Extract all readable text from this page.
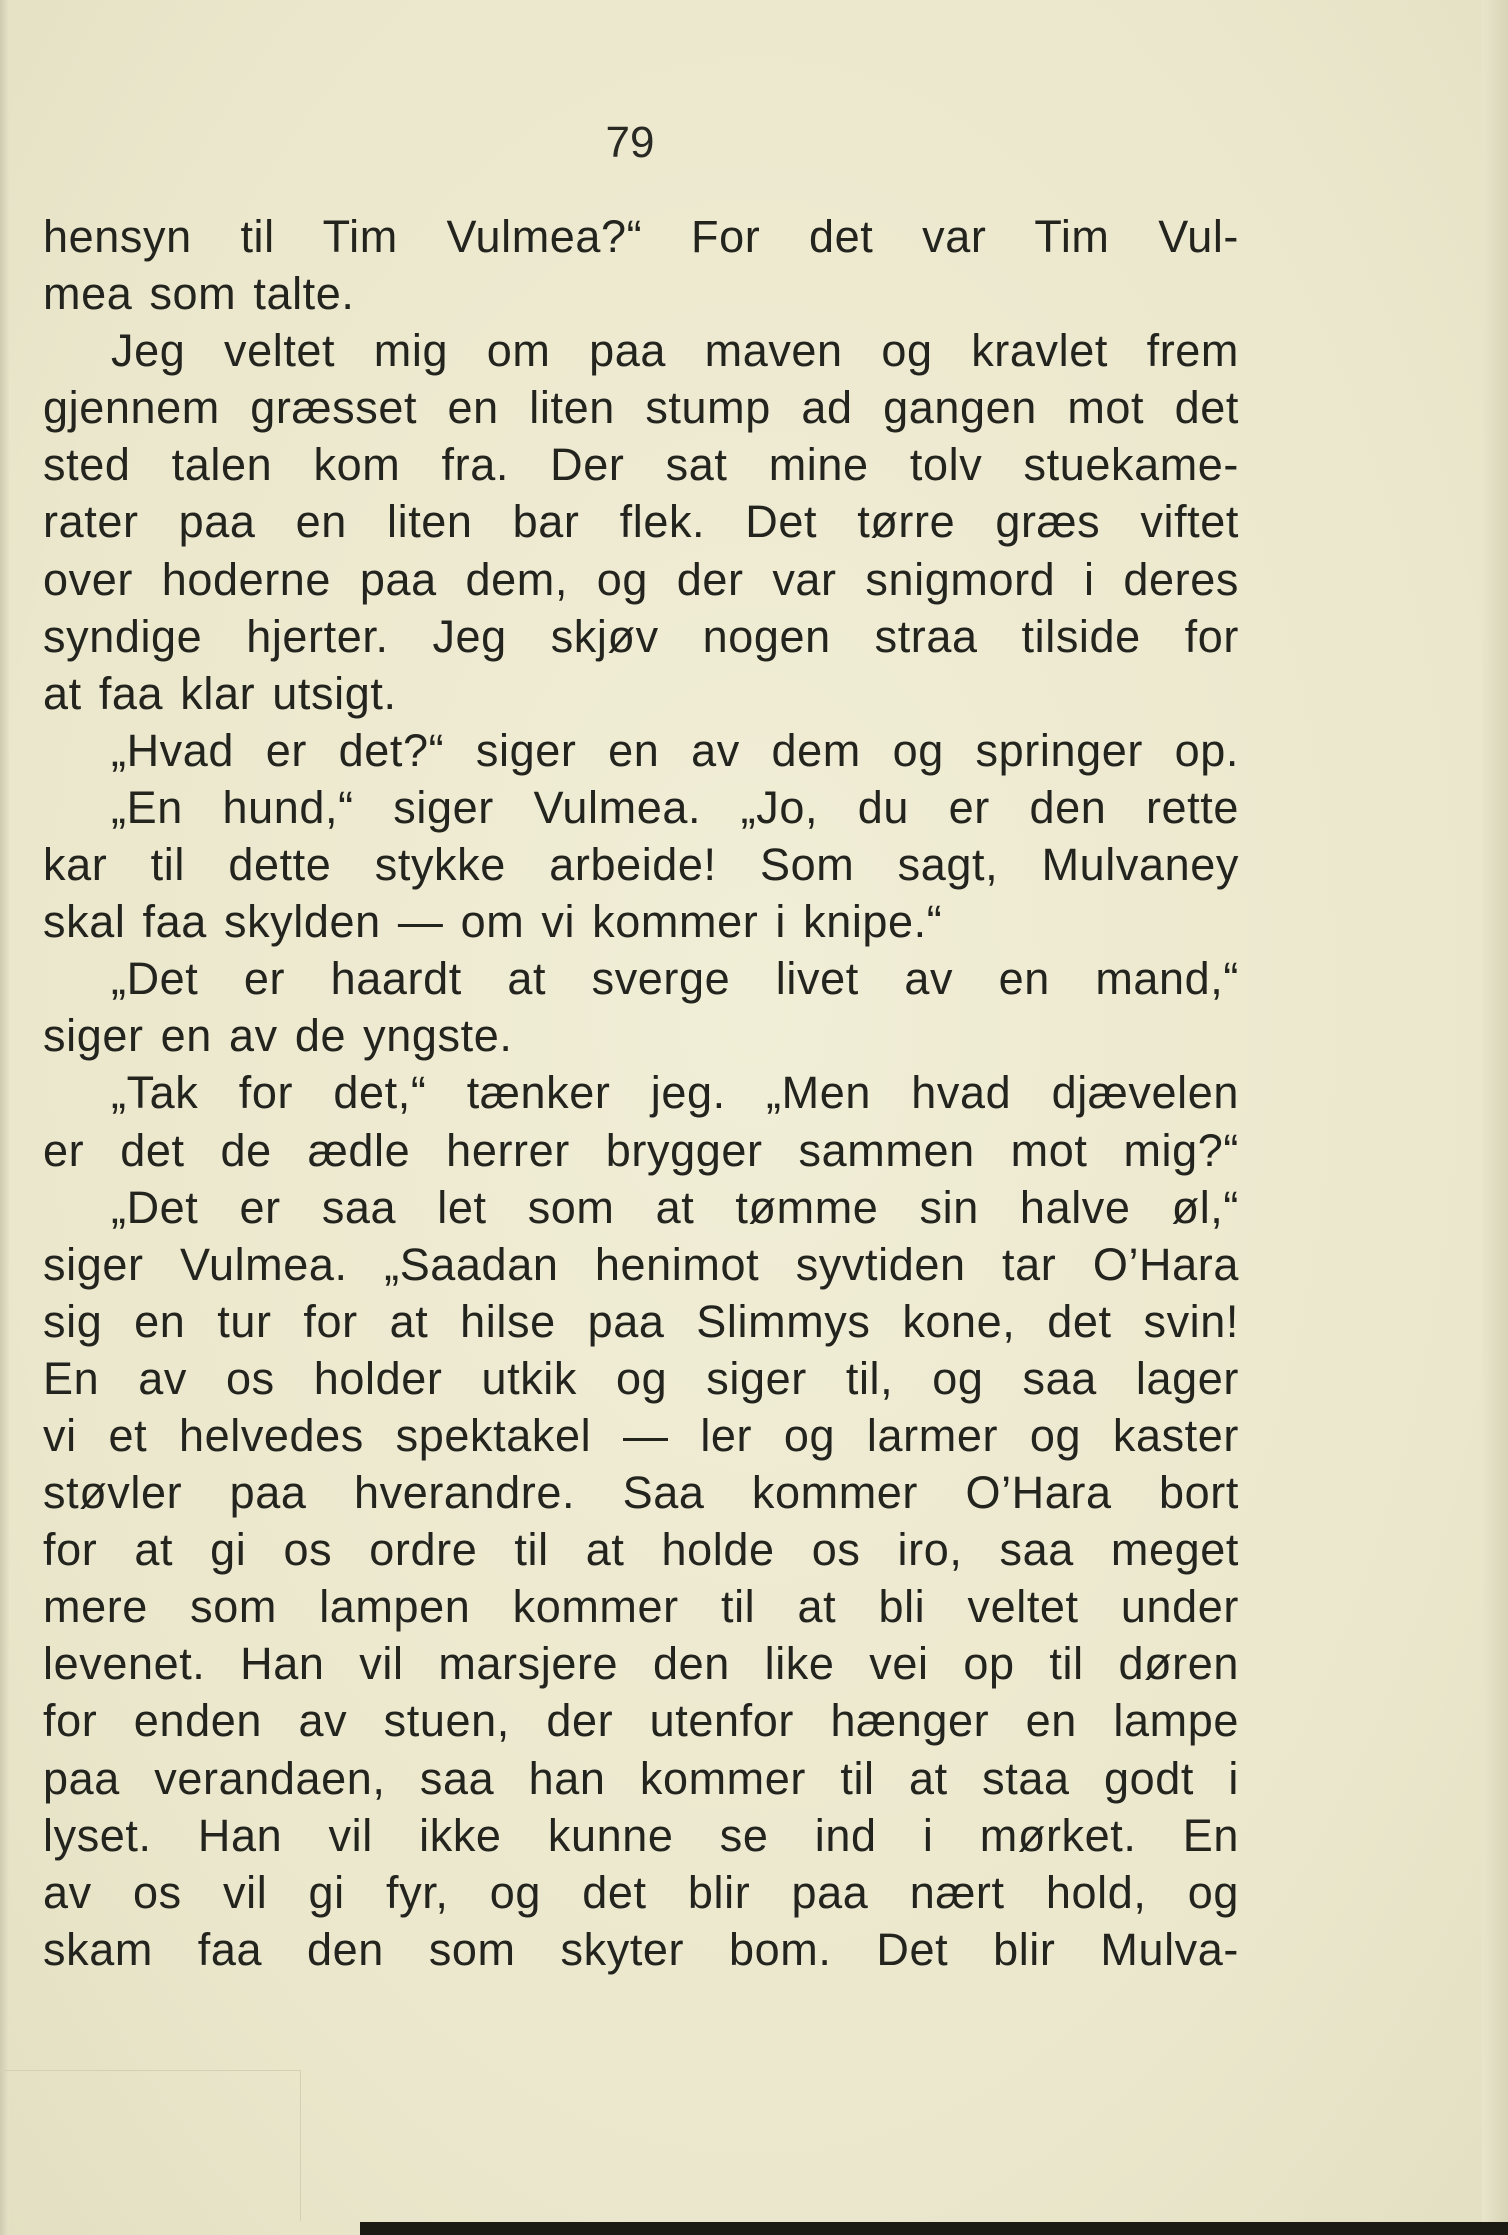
79

hensyn til Tim Vulmea?“ For det var Tim Vul-
mea som talte.
Jeg veltet mig om paa maven og kravlet frem
gjennem græsset en liten stump ad gangen mot det
sted talen kom fra. Der sat mine tolv stuekame-
rater paa en liten bar flek. Det tørre græs viftet
over hoderne paa dem, og der var snigmord i deres
syndige hjerter. Jeg skjøv nogen straa tilside for
at faa klar utsigt.
„Hvad er det?“ siger en av dem og springer op.
„En hund,“ siger Vulmea. „Jo, du er den rette
kar til dette stykke arbeide! Som sagt, Mulvaney
skal faa skylden — om vi kommer i knipe.“
„Det er haardt at sverge livet av en mand,“
siger en av de yngste.
„Tak for det,“ tænker jeg. „Men hvad djævelen
er det de ædle herrer brygger sammen mot mig?“
„Det er saa let som at tømme sin halve øl,“
siger Vulmea. „Saadan henimot syvtiden tar O’Hara
sig en tur for at hilse paa Slimmys kone, det svin!
En av os holder utkik og siger til, og saa lager
vi et helvedes spektakel — ler og larmer og kaster
støvler paa hverandre. Saa kommer O’Hara bort
for at gi os ordre til at holde os iro, saa meget
mere som lampen kommer til at bli veltet under
levenet. Han vil marsjere den like vei op til døren
for enden av stuen, der utenfor hænger en lampe
paa verandaen, saa han kommer til at staa godt i
lyset. Han vil ikke kunne se ind i mørket. En
av os vil gi fyr, og det blir paa nært hold, og
skam faa den som skyter bom. Det blir Mulva-
